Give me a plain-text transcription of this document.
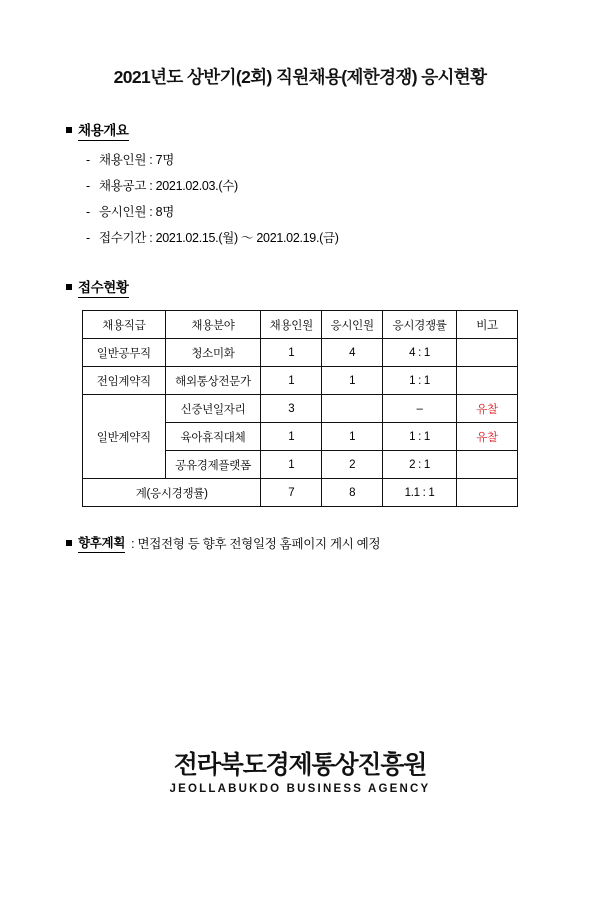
2021년도 상반기(2회) 직원채용(제한경쟁) 응시현황
채용개요
- 채용인원 : 7명
- 채용공고 : 2021.02.03.(수)
- 응시인원 : 8명
- 접수기간 : 2021.02.15.(월) ～ 2021.02.19.(금)
접수현황
채용직급	채용분야	채용인원	응시인원	응시경쟁률	비고
일반공무직	청소미화	1	4	4 : 1	
전임계약직	해외통상전문가	1	1	1 : 1	
일반계약직	신중년일자리	3		–	유찰
	육아휴직대체	1	1	1 : 1	유찰
	공유경제플랫폼	1	2	2 : 1	
계(응시경쟁률)		7	8	1.1 : 1	
향후계획 : 면접전형 등 향후 전형일정 홈페이지 게시 예정
전라북도경제통상진흥원
JEOLLABUKDO BUSINESS AGENCY
